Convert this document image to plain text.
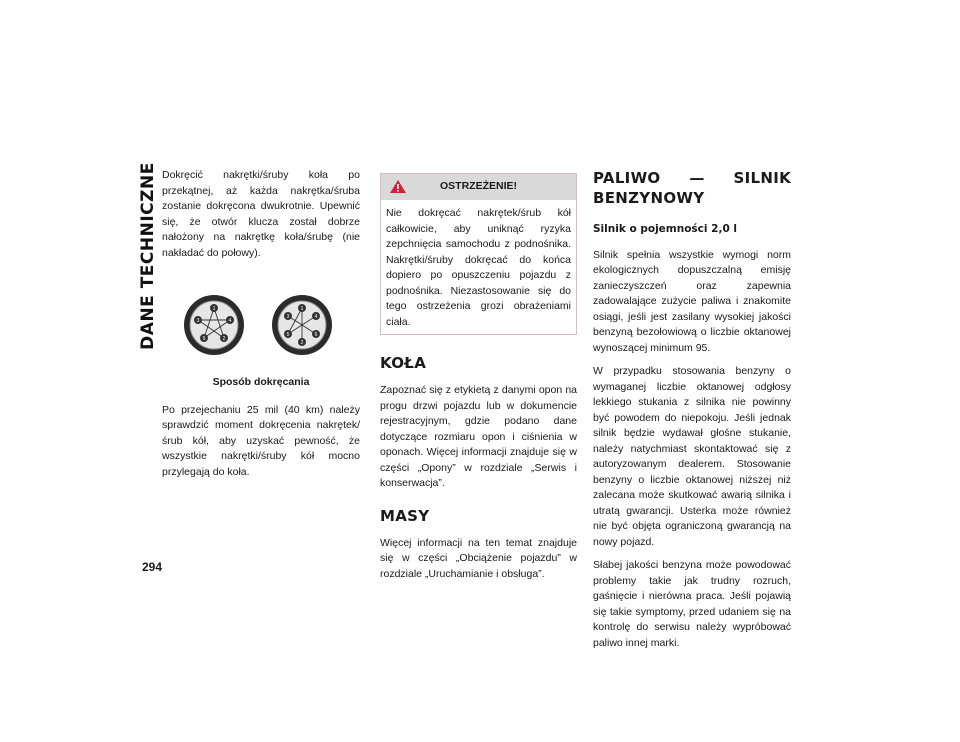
DANE TECHNICZNE
294

Dokręcić nakrętki/śruby koła po przekątnej, aż każda nakrętka/śruba zostanie dokręcona dwukrotnie. Upewnić się, że otwór klucza został dobrze nałożony na nakrętkę koła/śrubę (nie nakładać do połowy).

1
4
2
5
3
1
4
6
2
5
3
Sposób dokręcania

Po przejechaniu 25 mil (40 km) należy sprawdzić moment dokręcenia nakrętek/śrub kół, aby uzyskać pewność, że wszystkie nakrętki/śruby kół mocno przylegają do koła.

OSTRZEŻENIE!
Nie dokręcać nakrętek/śrub kół całkowicie, aby uniknąć ryzyka zepchnięcia samochodu z podnośnika. Nakrętki/śruby dokręcać do końca dopiero po opuszczeniu pojazdu z podnośnika. Niezastosowanie się do tego ostrzeżenia grozi obrażeniami ciała.
KOŁA

Zapoznać się z etykietą z danymi opon na progu drzwi pojazdu lub w dokumencie rejestracyjnym, gdzie podano dane dotyczące rozmiaru opon i ciśnienia w oponach. Więcej informacji znajduje się w części „Opony” w rozdziale „Serwis i konserwacja”.

MASY

Więcej informacji na ten temat znajduje się w części „Obciążenie pojazdu” w rozdziale „Uruchamianie i obsługa”.

PALIWO — SILNIK BENZYNOWY
Silnik o pojemności 2,0 l

Silnik spełnia wszystkie wymogi norm ekologicznych dopuszczalną emisję zanieczyszczeń oraz zapewnia zadowalające zużycie paliwa i znakomite osiągi, jeśli jest zasilany wysokiej jakości benzyną bezołowiową o liczbie oktanowej wynoszącej minimum 95.

W przypadku stosowania benzyny o wymaganej liczbie oktanowej odgłosy lekkiego stukania z silnika nie powinny być powodem do niepokoju. Jeśli jednak silnik będzie wydawał głośne stukanie, należy natychmiast skontaktować się z autoryzowanym dealerem. Stosowanie benzyny o liczbie oktanowej niższej niż zalecana może skutkować awarią silnika i utratą gwarancji. Usterka może również nie być objęta ograniczoną gwarancją na nowy pojazd.

Słabej jakości benzyna może powodować problemy takie jak trudny rozruch, gaśnięcie i nierówna praca. Jeśli pojawią się takie symptomy, przed udaniem się na kontrolę do serwisu należy wypróbować paliwo innej marki.
